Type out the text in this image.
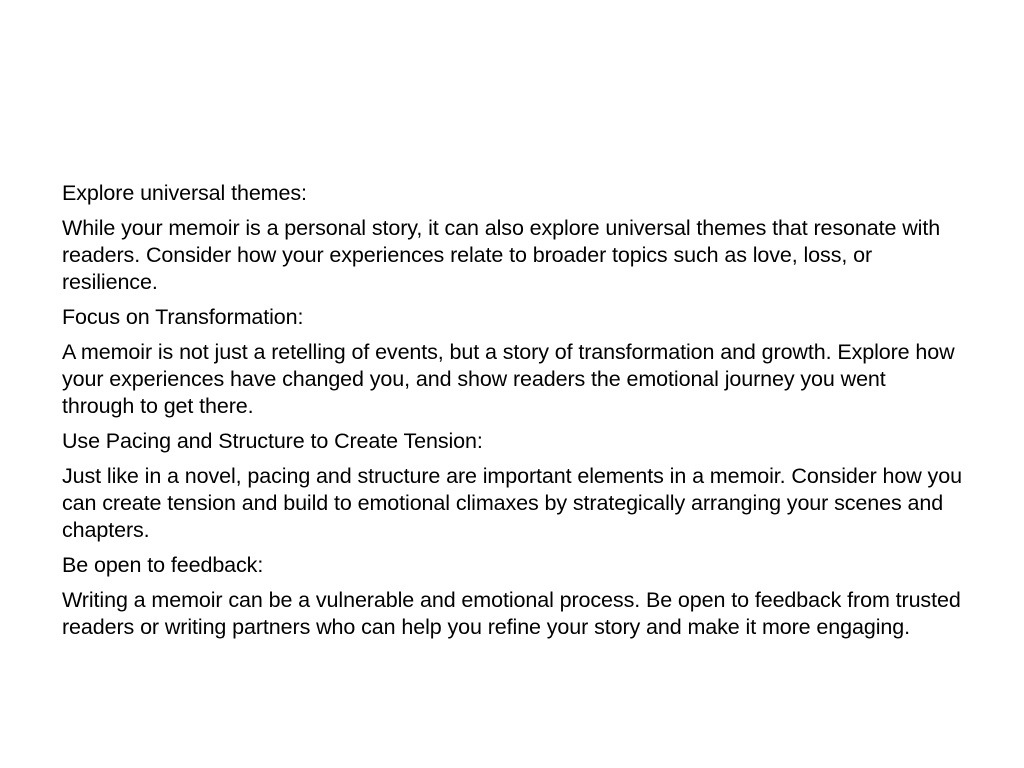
Explore universal themes:

While your memoir is a personal story, it can also explore universal themes that resonate with readers. Consider how your experiences relate to broader topics such as love, loss, or resilience.

Focus on Transformation:

A memoir is not just a retelling of events, but a story of transformation and growth. Explore how your experiences have changed you, and show readers the emotional journey you went through to get there.

Use Pacing and Structure to Create Tension:

Just like in a novel, pacing and structure are important elements in a memoir. Consider how you can create tension and build to emotional climaxes by strategically arranging your scenes and chapters.

Be open to feedback:

Writing a memoir can be a vulnerable and emotional process. Be open to feedback from trusted readers or writing partners who can help you refine your story and make it more engaging.
